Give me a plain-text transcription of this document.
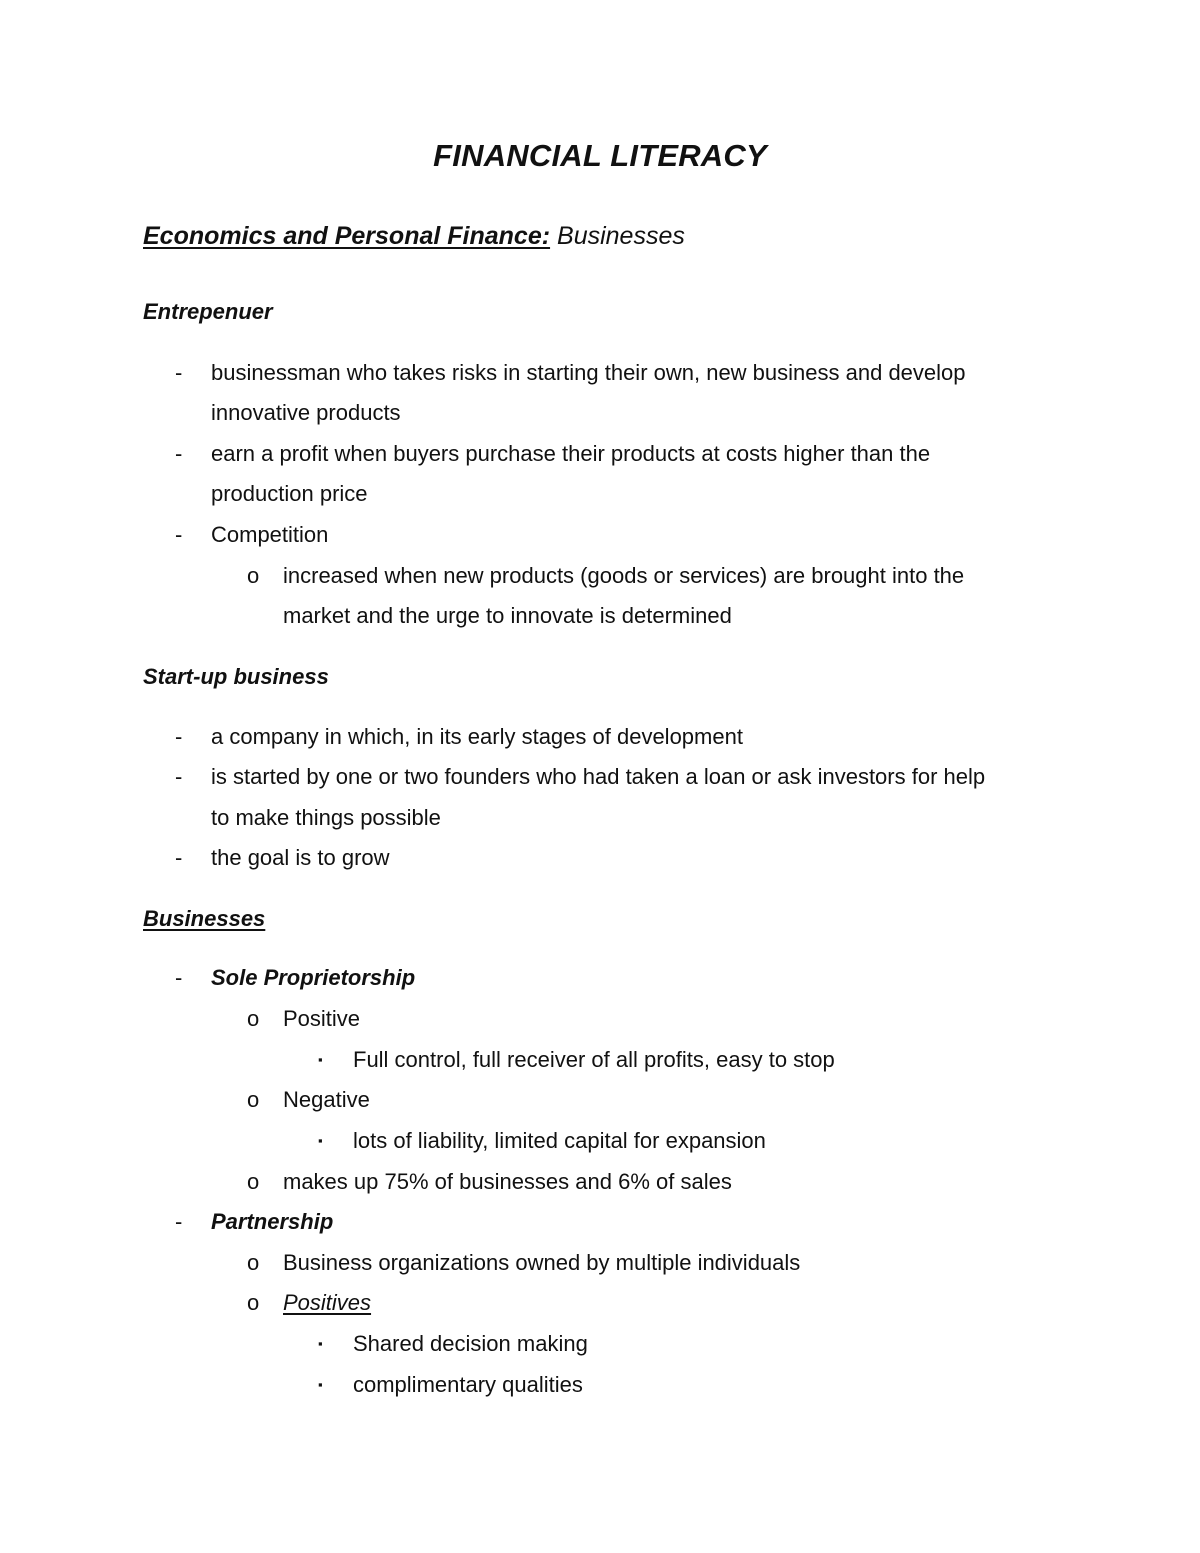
FINANCIAL LITERACY
Economics and Personal Finance: Businesses
Entrepenuer
- businessman who takes risks in starting their own, new business and develop
innovative products
- earn a profit when buyers purchase their products at costs higher than the
production price
- Competition
o increased when new products (goods or services) are brought into the
market and the urge to innovate is determined
Start-up business
- a company in which, in its early stages of development
- is started by one or two founders who had taken a loan or ask investors for help
to make things possible
- the goal is to grow
Businesses
- Sole Proprietorship
o Positive
▪ Full control, full receiver of all profits, easy to stop
o Negative
▪ lots of liability, limited capital for expansion
o makes up 75% of businesses and 6% of sales
- Partnership
o Business organizations owned by multiple individuals
o Positives
▪ Shared decision making
▪ complimentary qualities
